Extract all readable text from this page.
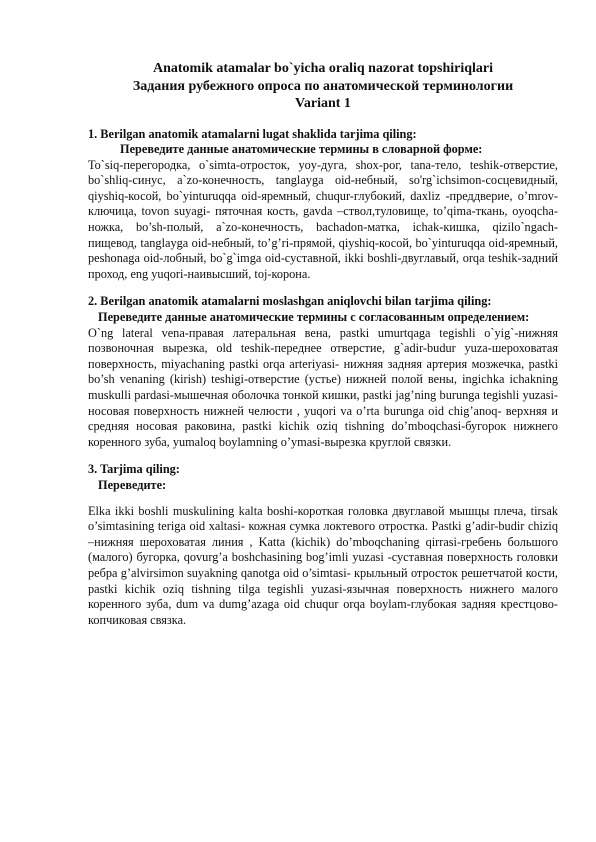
Anatomik atamalar bo`yicha oraliq nazorat topshiriqlari

Задания рубежного опроса по анатомической терминологии

Variant 1

1. Berilgan anatomik atamalarni lugat shaklida tarjima qiling:

Переведите данные анатомические термины в словарной форме:

To`siq-перегородка, o`simta-отросток, yoy-дуга, shox-рог, tana-тело, teshik-отверстие, bo`shliq-синус, a`zo-конечность, tanglayga oid-небный, so'rg`ichsimon-сосцевидный, qiyshiq-косой, bo`yinturuqqa oid-яремный, chuqur-глубокий, daxliz -преддверие, o’mrov- ключица, tovon suyagi- пяточная кость, gavda –ствол,туловище, to’qima-ткань, oyoqcha-ножка, bo’sh-полый, a`zo-конечность, bachadon-матка, ichak-кишка, qizilo`ngach-пищевод, tanglayga oid-небный, to’g’ri-прямой, qiyshiq-косой, bo`yinturuqqa oid-яремный, peshonaga oid-лобный, bo`g`imga oid-суставной, ikki boshli-двуглавый, orqa teshik-задний проход, eng yuqori-наивысший, toj-корона.

2. Berilgan anatomik atamalarni moslashgan aniqlovchi bilan tarjima qiling:

Переведите данные анатомические термины с согласованным определением:

O`ng lateral vena-правая латеральная вена, pastki umurtqaga tegishli o`yig`-нижняя позвоночная вырезка, old teshik-переднее отверстие, g`adir-budur yuza-шероховатая поверхность, miyachaning pastki orqa arteriyasi- нижняя задняя артерия мозжечка, pastki bo’sh venaning (kirish) teshigi-отверстие (устье) нижней полой вены, ingichka ichakning muskulli pardasi-мышечная оболочка тонкой кишки, pastki jag’ning burunga tegishli yuzasi-носовая поверхность нижней челюсти , yuqori va o’rta burunga oid chig’anoq- верхняя и средняя носовая раковина, pastki kichik oziq tishning do’mboqchasi-бугорок нижнего коренного зуба, yumaloq boylamning o’ymasi-вырезка круглой связки.

3. Tarjima qiling:

Переведите:

Elka ikki boshli muskulining kalta boshi-короткая головка двуглавой мышцы плеча, tirsak o’simtasining teriga oid xaltasi- кожная сумка локтевого отростка. Pastki g’adir-budir chiziq –нижняя шероховатая линия , Katta (kichik) do’mboqchaning qirrasi-гребень большого (малого) бугорка, qovurg’a boshchasining bog’imli yuzasi -суставная поверхность головки ребра g’alvirsimon suyakning qanotga oid o’simtasi- крыльный отросток решетчатой кости, pastki kichik oziq tishning tilga tegishli yuzasi-язычная поверхность нижнего малого коренного зуба, dum va dumg’azaga oid chuqur orqa boylam-глубокая задняя крестцово-копчиковая связка.
